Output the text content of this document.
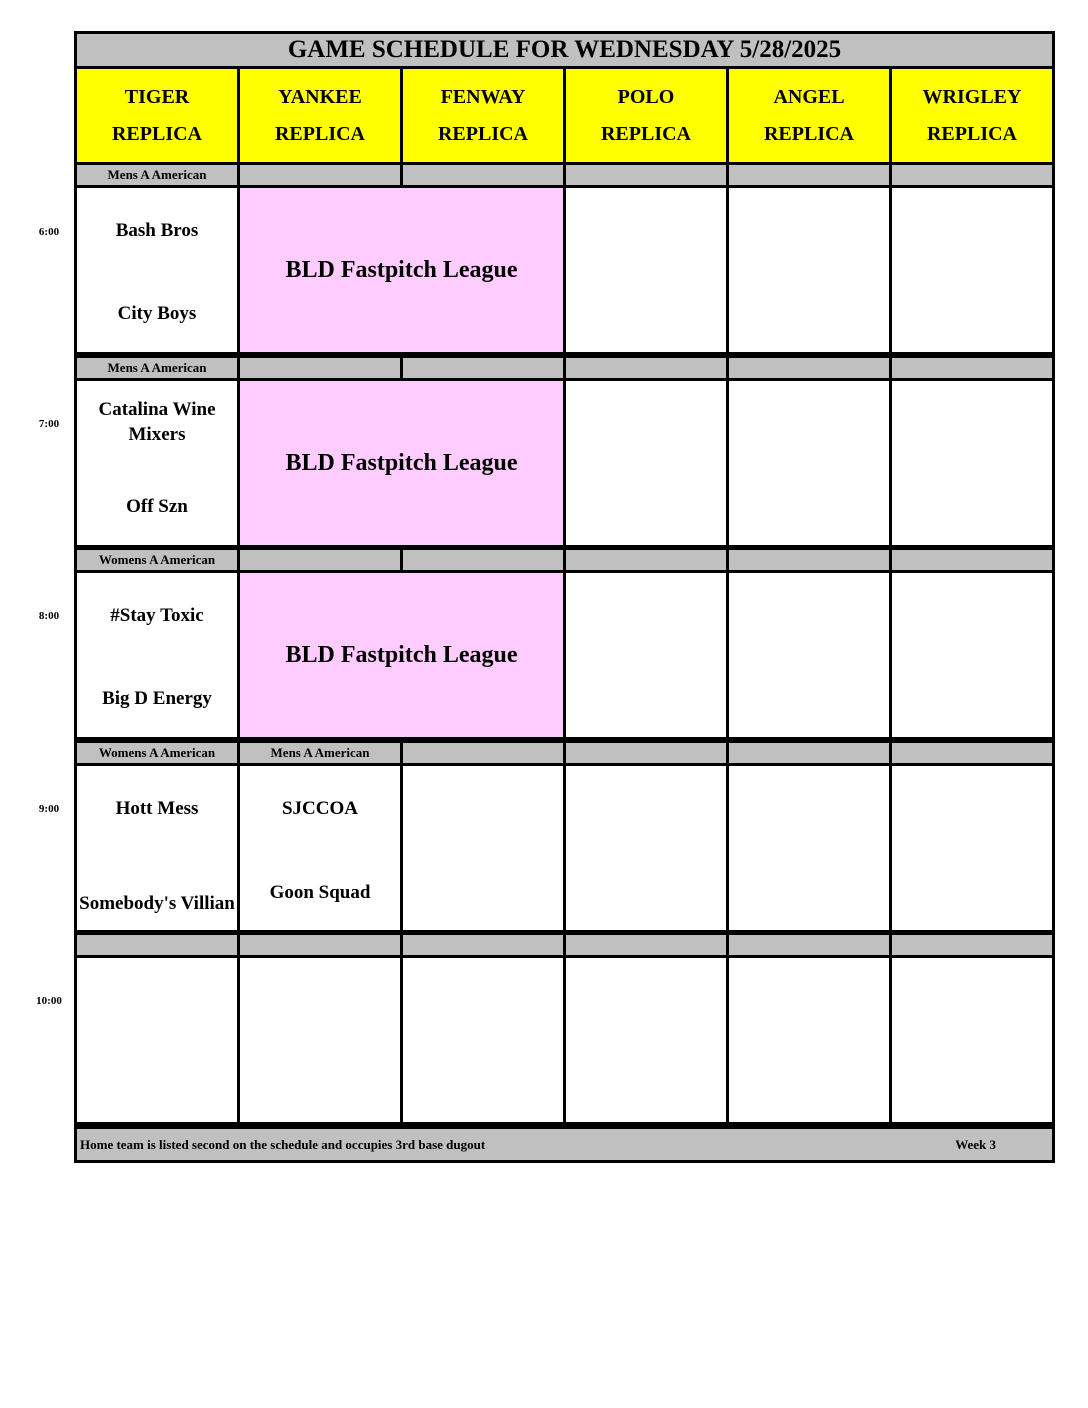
GAME SCHEDULE FOR WEDNESDAY 5/28/2025
TIGER
REPLICA
YANKEE
REPLICA
FENWAY
REPLICA
POLO
REPLICA
ANGEL
REPLICA
WRIGLEY
REPLICA
Mens A American
Bash Bros
City Boys
BLD Fastpitch League
Mens A American
Catalina Wine Mixers
Off Szn
BLD Fastpitch League
Womens A American
#Stay Toxic
Big D Energy
BLD Fastpitch League
Womens A American	Mens A American
Hott Mess
Somebody's Villian
SJCCOA
Goon Squad
Home team is listed second on the schedule and occupies 3rd base dugout	Week 3
6:00
7:00
8:00
9:00
10:00
